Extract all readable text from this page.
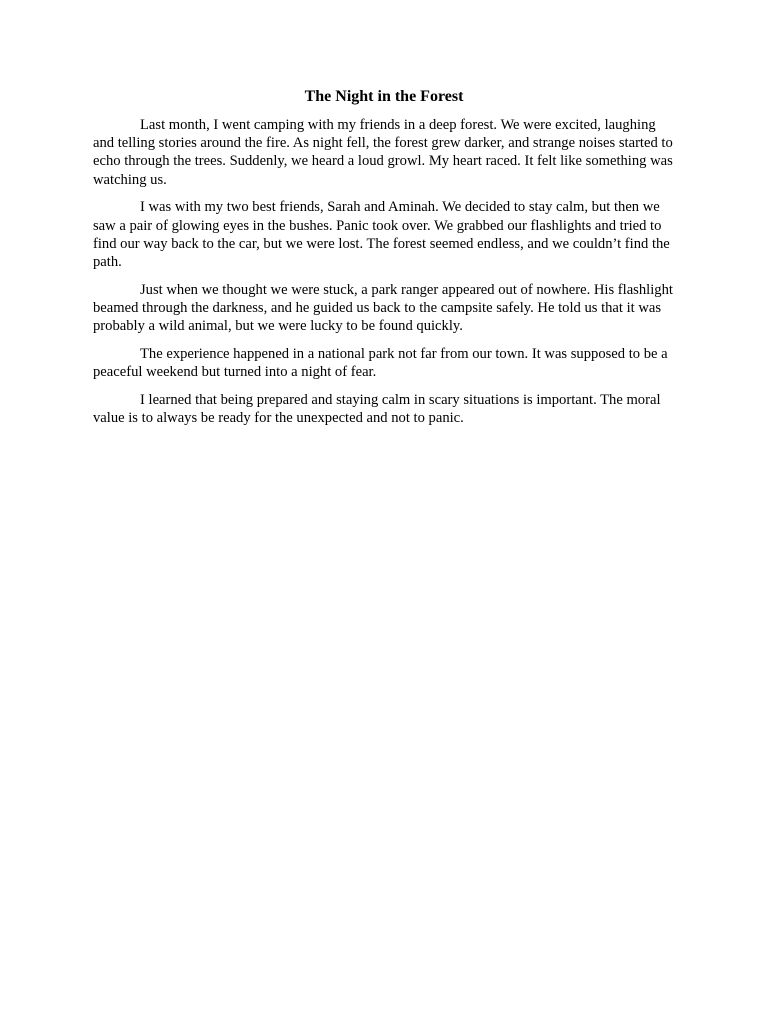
The Night in the Forest

Last month, I went camping with my friends in a deep forest. We were excited, laughing and telling stories around the fire. As night fell, the forest grew darker, and strange noises started to echo through the trees. Suddenly, we heard a loud growl. My heart raced. It felt like something was watching us.

I was with my two best friends, Sarah and Aminah. We decided to stay calm, but then we saw a pair of glowing eyes in the bushes. Panic took over. We grabbed our flashlights and tried to find our way back to the car, but we were lost. The forest seemed endless, and we couldn’t find the path.

Just when we thought we were stuck, a park ranger appeared out of nowhere. His flashlight beamed through the darkness, and he guided us back to the campsite safely. He told us that it was probably a wild animal, but we were lucky to be found quickly.

The experience happened in a national park not far from our town. It was supposed to be a peaceful weekend but turned into a night of fear.

I learned that being prepared and staying calm in scary situations is important. The moral value is to always be ready for the unexpected and not to panic.
